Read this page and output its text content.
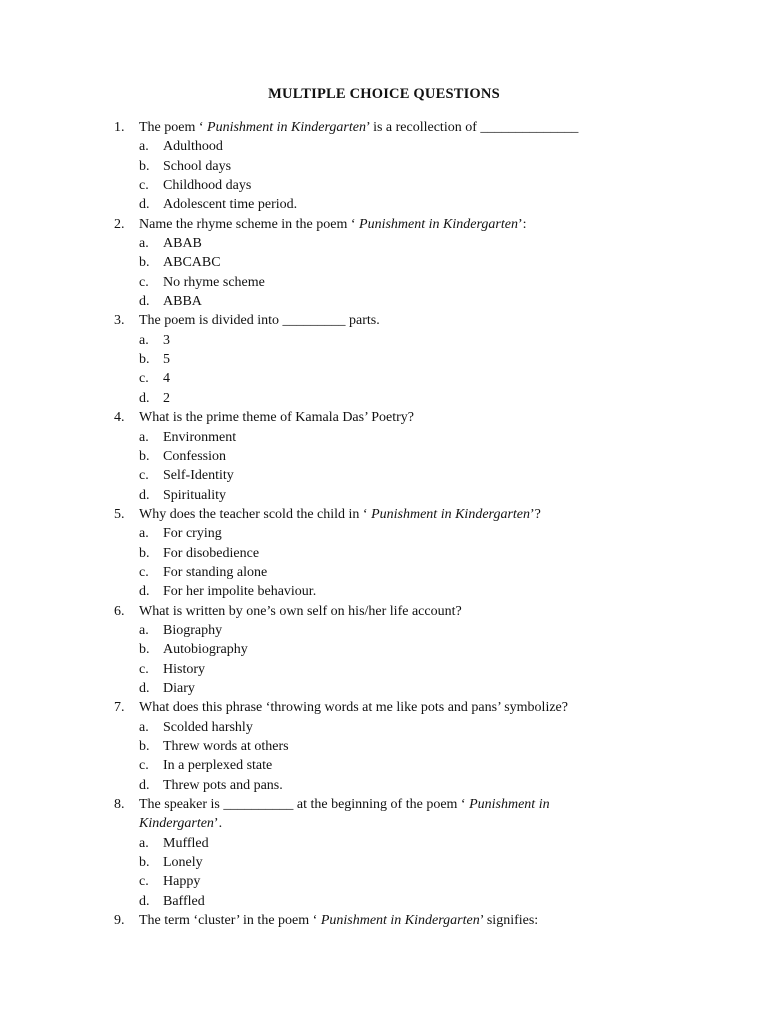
MULTIPLE CHOICE QUESTIONS
1. The poem ‘ Punishment in Kindergarten’ is a recollection of ______________
a. Adulthood
b. School days
c. Childhood days
d. Adolescent time period.
2. Name the rhyme scheme in the poem ‘ Punishment in Kindergarten’:
a. ABAB
b. ABCABC
c. No rhyme scheme
d. ABBA
3. The poem is divided into _________ parts.
a. 3
b. 5
c. 4
d. 2
4. What is the prime theme of Kamala Das’ Poetry?
a. Environment
b. Confession
c. Self-Identity
d. Spirituality
5. Why does the teacher scold the child in ‘ Punishment in Kindergarten’?
a. For crying
b. For disobedience
c. For standing alone
d. For her impolite behaviour.
6. What is written by one’s own self on his/her life account?
a. Biography
b. Autobiography
c. History
d. Diary
7. What does this phrase ‘throwing words at me like pots and pans’ symbolize?
a. Scolded harshly
b. Threw words at others
c. In a perplexed state
d. Threw pots and pans.
8. The speaker is __________ at the beginning of the poem ‘ Punishment in
Kindergarten’.
a. Muffled
b. Lonely
c. Happy
d. Baffled
9. The term ‘cluster’ in the poem ‘ Punishment in Kindergarten’ signifies:
